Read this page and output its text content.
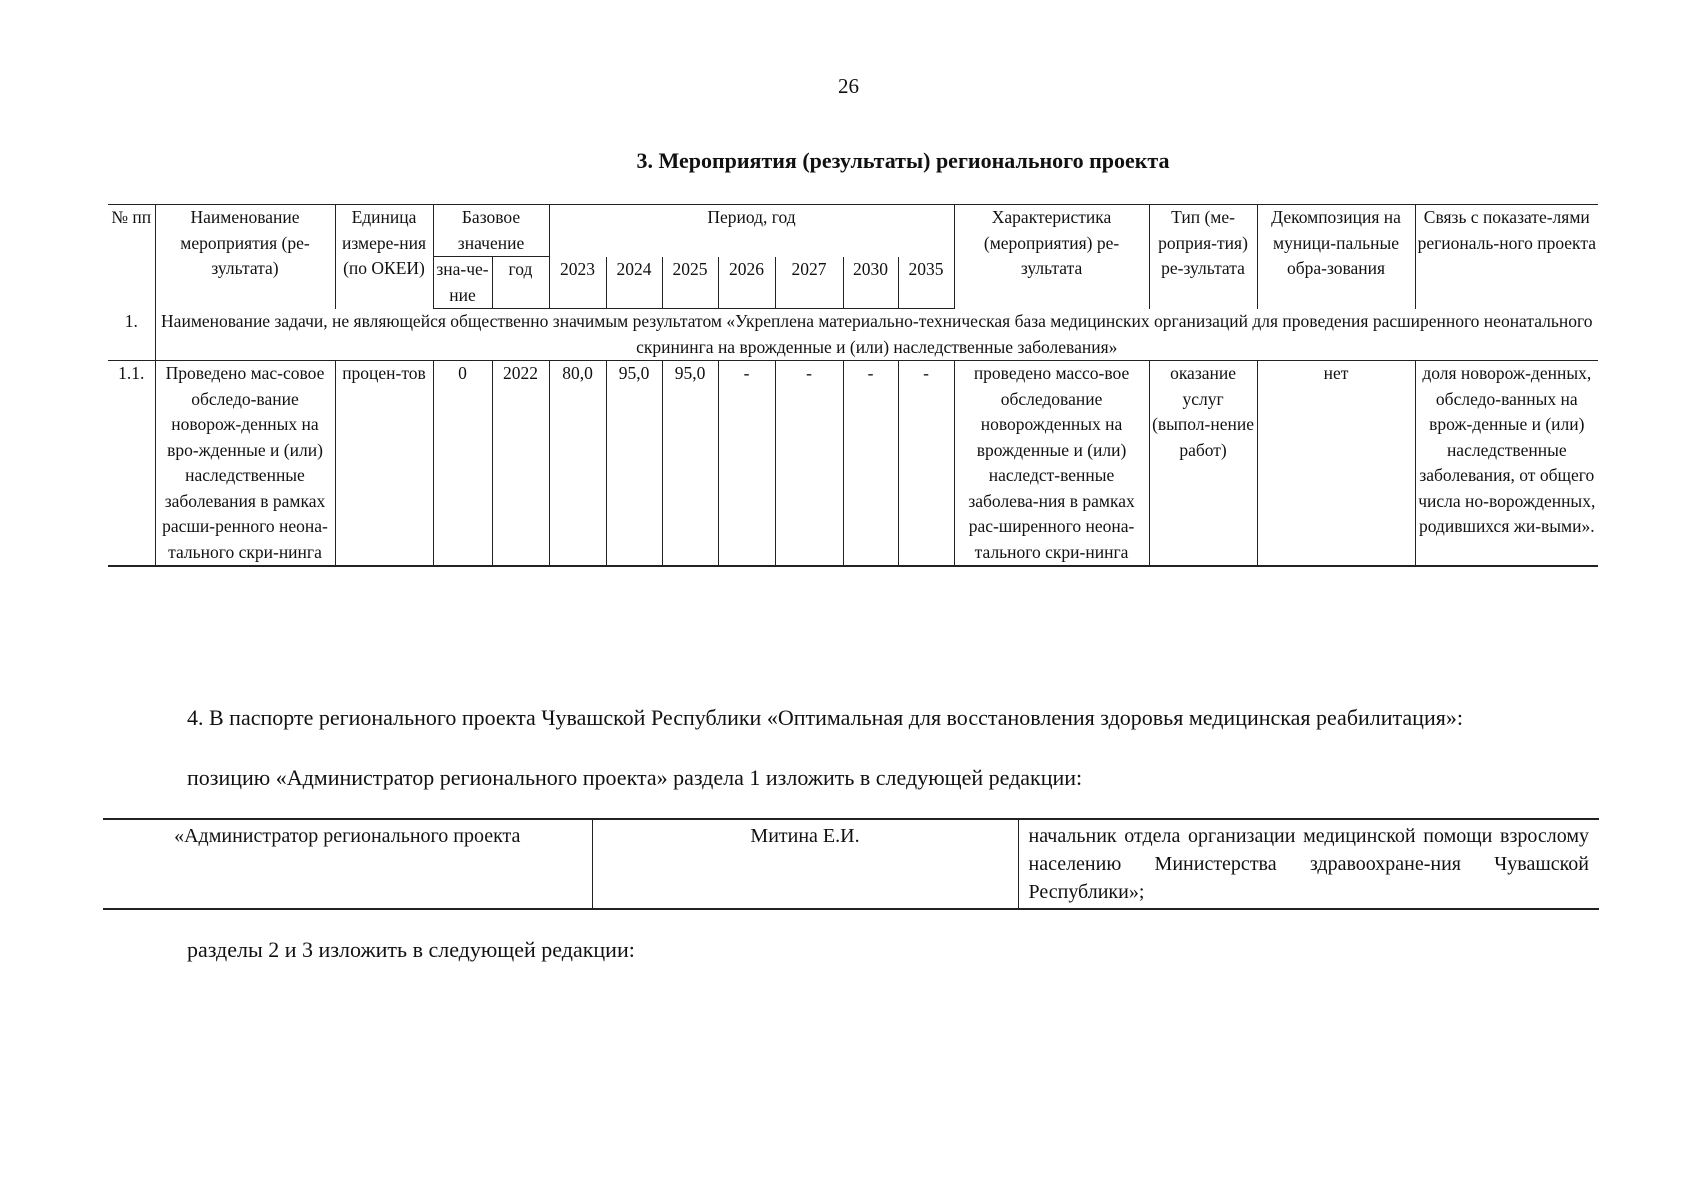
26
3. Мероприятия (результаты) регионального проекта
№ пп	Наименование мероприятия (ре-зультата)	Единица измере-ния (по ОКЕИ)	Базовое значение		Период, год							Характеристика (мероприятия) ре-зультата	Тип (ме-роприя-тия) ре-зультата	Декомпозиция на муници-пальные обра-зования	Связь с показате-лями региональ-ного проекта
			зна-че-ние	год	2023	2024	2025	2026	2027	2030	2035				
1.	Наименование задачи, не являющейся общественно значимым результатом «Укреплена материально-техническая база медицинских организаций для проведения расширенного неонатального скрининга на врожденные и (или) наследственные заболевания»														
1.1.	Проведено мас-совое обследо-вание новорож-денных на вро-жденные и (или) наследственные заболевания в рамках расши-ренного неона-тального скри-нинга	процен-тов	0	2022	80,0	95,0	95,0	-	-	-	-	проведено массо-вое обследование новорожденных на врожденные и (или) наследст-венные заболева-ния в рамках рас-ширенного неона-тального скри-нинга	оказание услуг (выпол-нение работ)	нет	доля новорож-денных, обследо-ванных на врож-денные и (или) наследственные заболевания, от общего числа но-ворожденных, родившихся жи-выми».
4. В паспорте регионального проекта Чувашской Республики «Оптимальная для восстановления здоровья медицинская реабилитация»:
позицию «Администратор регионального проекта» раздела 1 изложить в следующей редакции:
«Администратор регионального проекта	Митина Е.И.	начальник отдела организации медицинской помощи взрослому населению Министерства здравоохране-ния Чувашской Республики»;
разделы 2 и 3 изложить в следующей редакции:
